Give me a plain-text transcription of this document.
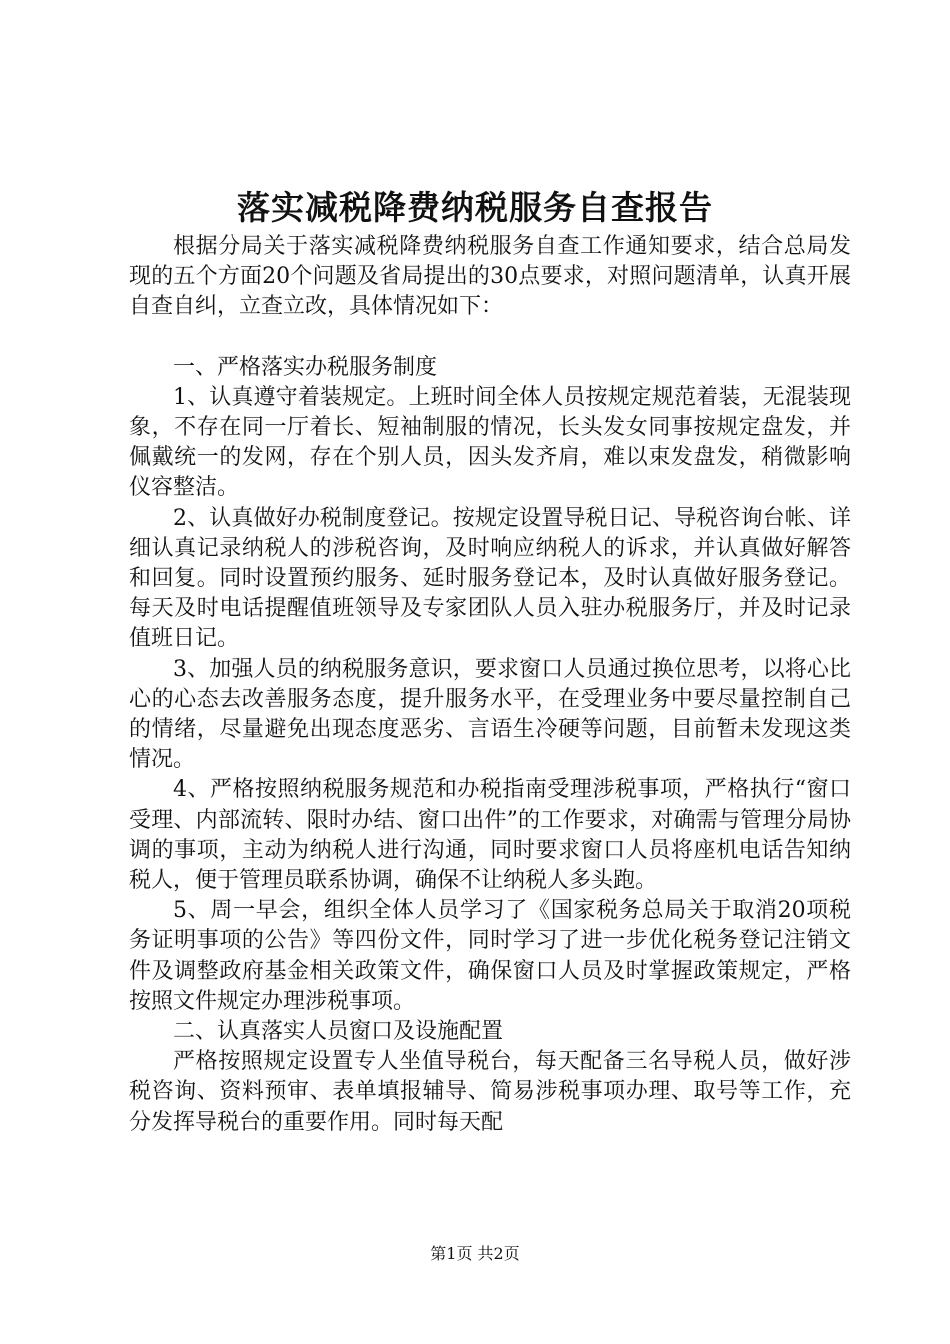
落实减税降费纳税服务自查报告

根据分局关于落实减税降费纳税服务自查工作通知要求，结合总局发现的五个方面20个问题及省局提出的30点要求，对照问题清单，认真开展自查自纠，立查立改，具体情况如下：

一、严格落实办税服务制度

1、认真遵守着装规定。上班时间全体人员按规定规范着装，无混装现象，不存在同一厅着长、短袖制服的情况，长头发女同事按规定盘发，并佩戴统一的发网，存在个别人员，因头发齐肩，难以束发盘发，稍微影响仪容整洁。

2、认真做好办税制度登记。按规定设置导税日记、导税咨询台帐、详细认真记录纳税人的涉税咨询，及时响应纳税人的诉求，并认真做好解答和回复。同时设置预约服务、延时服务登记本，及时认真做好服务登记。每天及时电话提醒值班领导及专家团队人员入驻办税服务厅，并及时记录值班日记。

3、加强人员的纳税服务意识，要求窗口人员通过换位思考，以将心比心的心态去改善服务态度，提升服务水平，在受理业务中要尽量控制自己的情绪，尽量避免出现态度恶劣、言语生冷硬等问题，目前暂未发现这类情况。

4、严格按照纳税服务规范和办税指南受理涉税事项，严格执行“窗口受理、内部流转、限时办结、窗口出件”的工作要求，对确需与管理分局协调的事项，主动为纳税人进行沟通，同时要求窗口人员将座机电话告知纳税人，便于管理员联系协调，确保不让纳税人多头跑。

5、周一早会，组织全体人员学习了《国家税务总局关于取消20项税务证明事项的公告》等四份文件，同时学习了进一步优化税务登记注销文件及调整政府基金相关政策文件，确保窗口人员及时掌握政策规定，严格按照文件规定办理涉税事项。

二、认真落实人员窗口及设施配置

严格按照规定设置专人坐值导税台，每天配备三名导税人员，做好涉税咨询、资料预审、表单填报辅导、简易涉税事项办理、取号等工作，充分发挥导税台的重要作用。同时每天配

第1页 共2页
